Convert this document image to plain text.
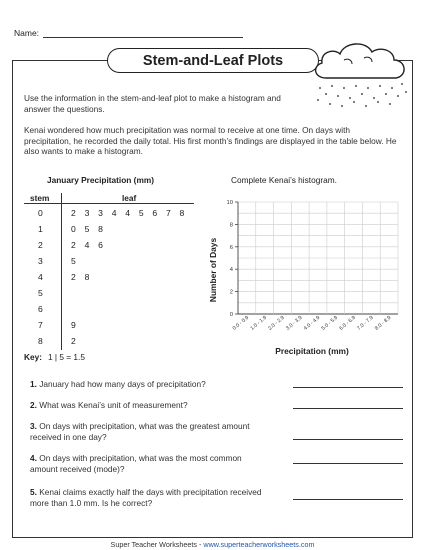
Name:
Stem-and-Leaf Plots

Use the information in the stem-and-leaf plot to make a histogram and answer the questions.

Kenai wondered how much precipitation was normal to receive at one time. On days with precipitation, he recorded the daily total. His first month’s findings are displayed in the table below. He also wants to make a histogram.

January Precipitation (mm)
stem	leaf
0	2 3 3 4 4 5 6 7 8
1	0 5 8
2	2 4 6
3	5
4	2 8
5
6
7	9
8	2
Key: 1 | 5 = 1.5
Complete Kenai’s histogram.
0
2
4
6
8
10
0.0 - 0.9 1.0 - 1.9 2.0 - 2.9 3.0 - 3.9 4.0 - 4.9 5.0 - 5.9 6.0 - 6.9 7.0 - 7.9 8.0 - 8.9
Number of Days
Precipitation (mm)
1. January had how many days of precipitation?
2. What was Kenai’s unit of measurement?
3. On days with precipitation, what was the greatest amount received in one day?
4. On days with precipitation, what was the most common amount received (mode)?
5. Kenai claims exactly half the days with precipitation received more than 1.0 mm. Is he correct?
Super Teacher Worksheets - www.superteacherworksheets.com
